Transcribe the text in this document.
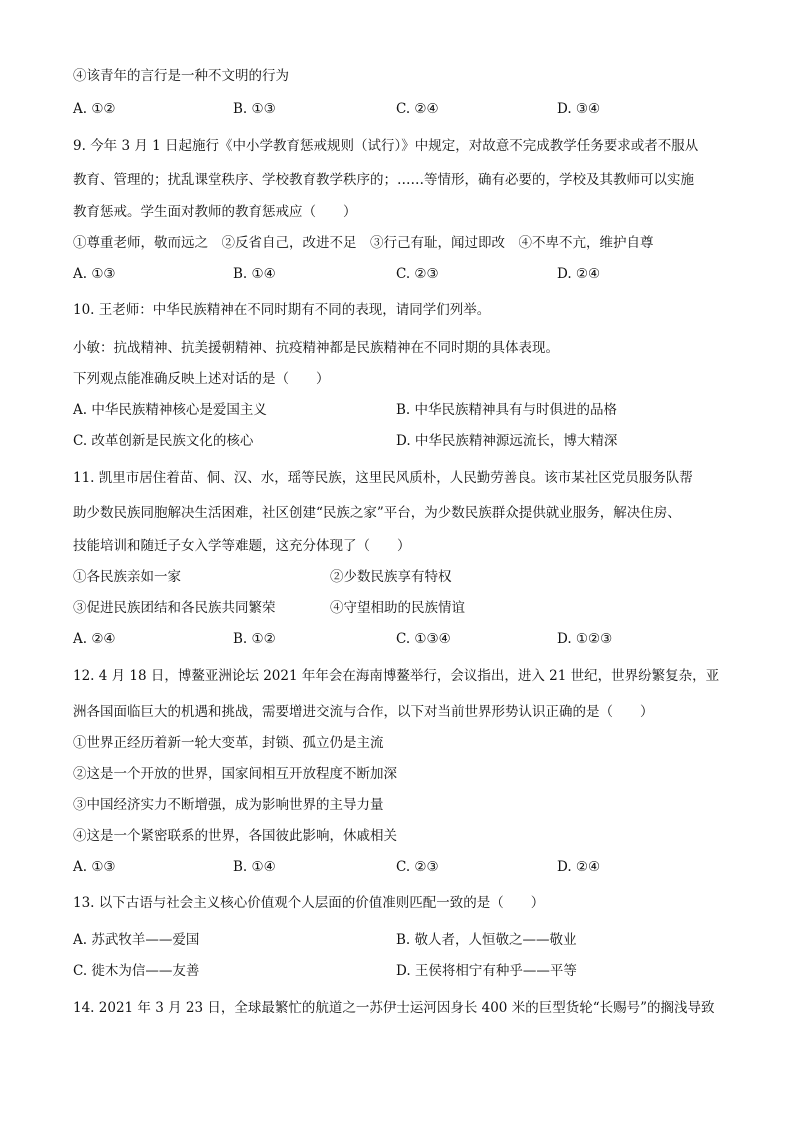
④该青年的言行是一种不文明的行为
A. ①②	B. ①③	C. ②④	D. ③④
9. 今年 3 月 1 日起施行《中小学教育惩戒规则（试行）》中规定，对故意不完成教学任务要求或者不服从
教育、管理的；扰乱课堂秩序、学校教育教学秩序的；……等情形，确有必要的，学校及其教师可以实施
教育惩戒。学生面对教师的教育惩戒应（　　）
①尊重老师，敬而远之　②反省自己，改进不足　③行己有耻，闻过即改　④不卑不亢，维护自尊
A. ①③	B. ①④	C. ②③	D. ②④
10. 王老师：中华民族精神在不同时期有不同的表现，请同学们列举。
小敏：抗战精神、抗美援朝精神、抗疫精神都是民族精神在不同时期的具体表现。
下列观点能准确反映上述对话的是（　　）
A. 中华民族精神核心是爱国主义	B. 中华民族精神具有与时俱进的品格
C. 改革创新是民族文化的核心	D. 中华民族精神源远流长，博大精深
11. 凯里市居住着苗、侗、汉、水，瑶等民族，这里民风质朴，人民勤劳善良。该市某社区党员服务队帮
助少数民族同胞解决生活困难，社区创建“民族之家”平台，为少数民族群众提供就业服务，解决住房、
技能培训和随迁子女入学等难题，这充分体现了（　　）
①各民族亲如一家	②少数民族享有特权
③促进民族团结和各民族共同繁荣	④守望相助的民族情谊
A. ②④	B. ①②	C. ①③④	D. ①②③
12. 4 月 18 日，博鳌亚洲论坛 2021 年年会在海南博鳌举行，会议指出，进入 21 世纪，世界纷繁复杂，亚
洲各国面临巨大的机遇和挑战，需要增进交流与合作，以下对当前世界形势认识正确的是（　　）
①世界正经历着新一轮大变革，封锁、孤立仍是主流
②这是一个开放的世界，国家间相互开放程度不断加深
③中国经济实力不断增强，成为影响世界的主导力量
④这是一个紧密联系的世界，各国彼此影响，休戚相关
A. ①③	B. ①④	C. ②③	D. ②④
13. 以下古语与社会主义核心价值观个人层面的价值准则匹配一致的是（　　）
A. 苏武牧羊——爱国	B. 敬人者，人恒敬之——敬业
C. 徙木为信——友善	D. 王侯将相宁有种乎——平等
14. 2021 年 3 月 23 日，全球最繁忙的航道之一苏伊士运河因身长 400 米的巨型货轮“长赐号”的搁浅导致
